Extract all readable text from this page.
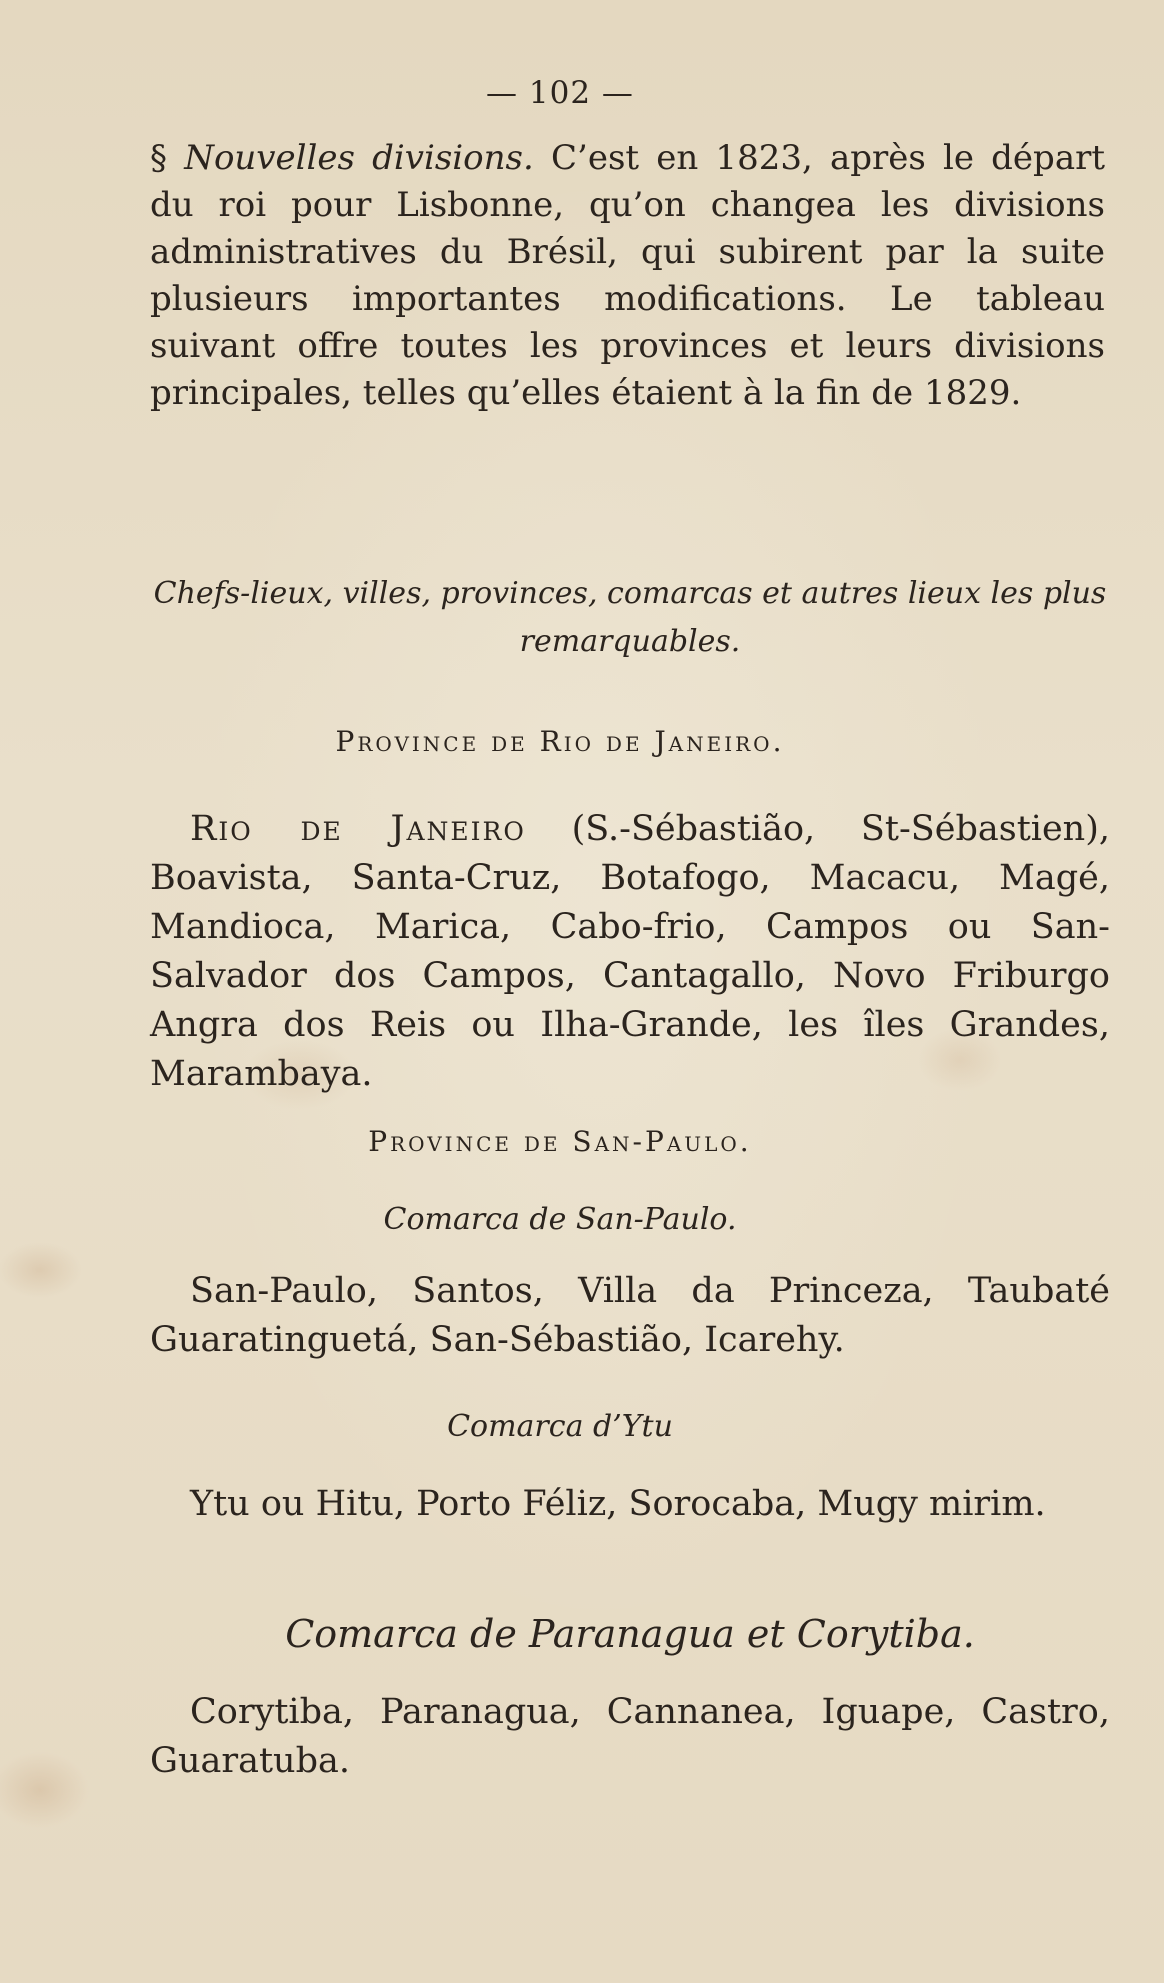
— 102 —

§ Nouvelles divisions. C’est en 1823, après le départ du roi pour Lisbonne, qu’on changea les divisions administratives du Brésil, qui subirent par la suite plusieurs importantes modifications. Le tableau suivant offre toutes les provinces et leurs divisions principales, telles qu’elles étaient à la fin de 1829.

Chefs-lieux, villes, provinces, comarcas et autres lieux les plus remarquables.

Province de Rio de Janeiro.

Rio de Janeiro (S.-Sébastião, St-Sébastien), Boavista, Santa-Cruz, Botafogo, Macacu, Magé, Mandioca, Marica, Cabo-frio, Campos ou San-Salvador dos Campos, Cantagallo, Novo Friburgo Angra dos Reis ou Ilha-Grande, les îles Grandes, Marambaya.

Province de San-Paulo.

Comarca de San-Paulo.

San-Paulo, Santos, Villa da Princeza, Taubaté Guaratinguetá, San-Sébastião, Icarehy.

Comarca d’Ytu

Ytu ou Hitu, Porto Féliz, Sorocaba, Mugy mirim.

Comarca de Paranagua et Corytiba.

Corytiba, Paranagua, Cannanea, Iguape, Castro, Guaratuba.
